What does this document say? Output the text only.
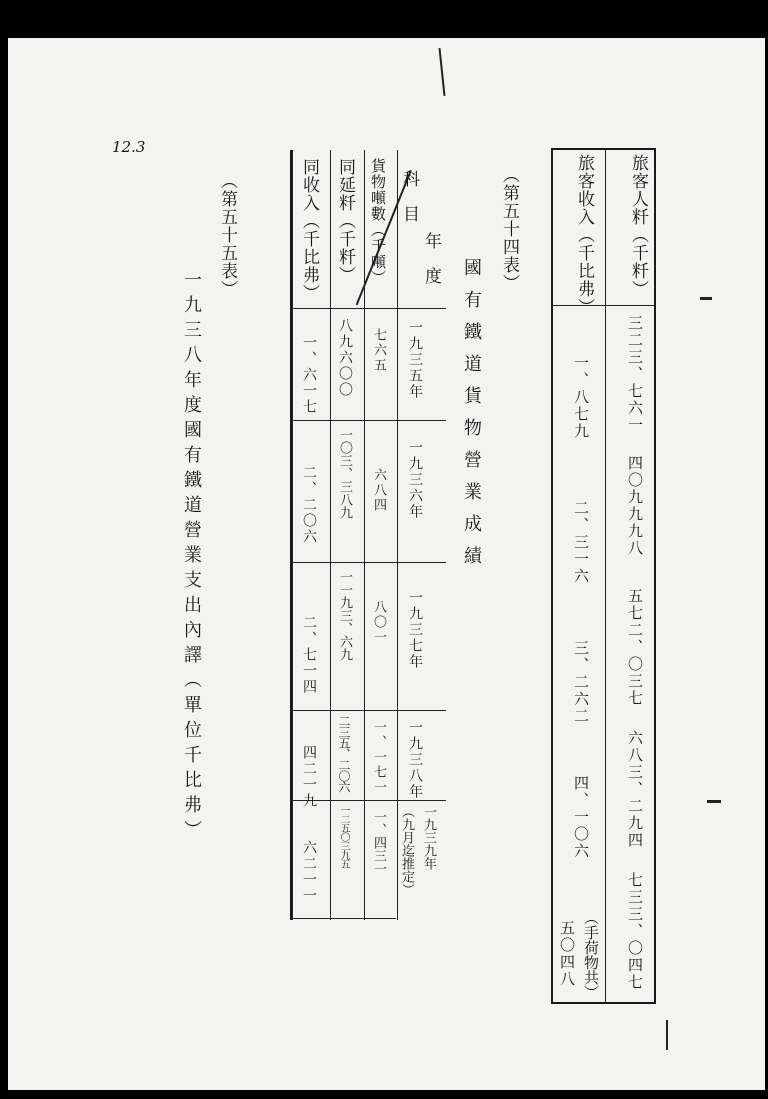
12.3
旅客人粁（千粁）
三二三、七六一
四〇九九九八
五七二、〇三七
六八三、二九四
七三三、〇四七
旅客收入（千比弗）
一、八七九
二、三一六
三、二六二
四、一〇六
五〇四八 （手荷物共）
（第五十四表）
國有鐵道貨物營業成績
科目
年度
貨物噸數（千噸）
同延粁（千粁）
同收入（千比弗）
一九三五年
一九三六年
一九三七年
一九三八年
一九三九年
（九月迄推定）
七六五
六八四
八〇一
一、一七一
一、四三一
八九六〇〇
一〇三、三八九
一一九三、六九
二三五、二〇六
一二五〇三九五
一、六一七
二、二〇六
二、七一四
四二一九
六二一一
（第五十五表）
一九三八年度國有鐵道營業支出內譯（單位千比弗）
